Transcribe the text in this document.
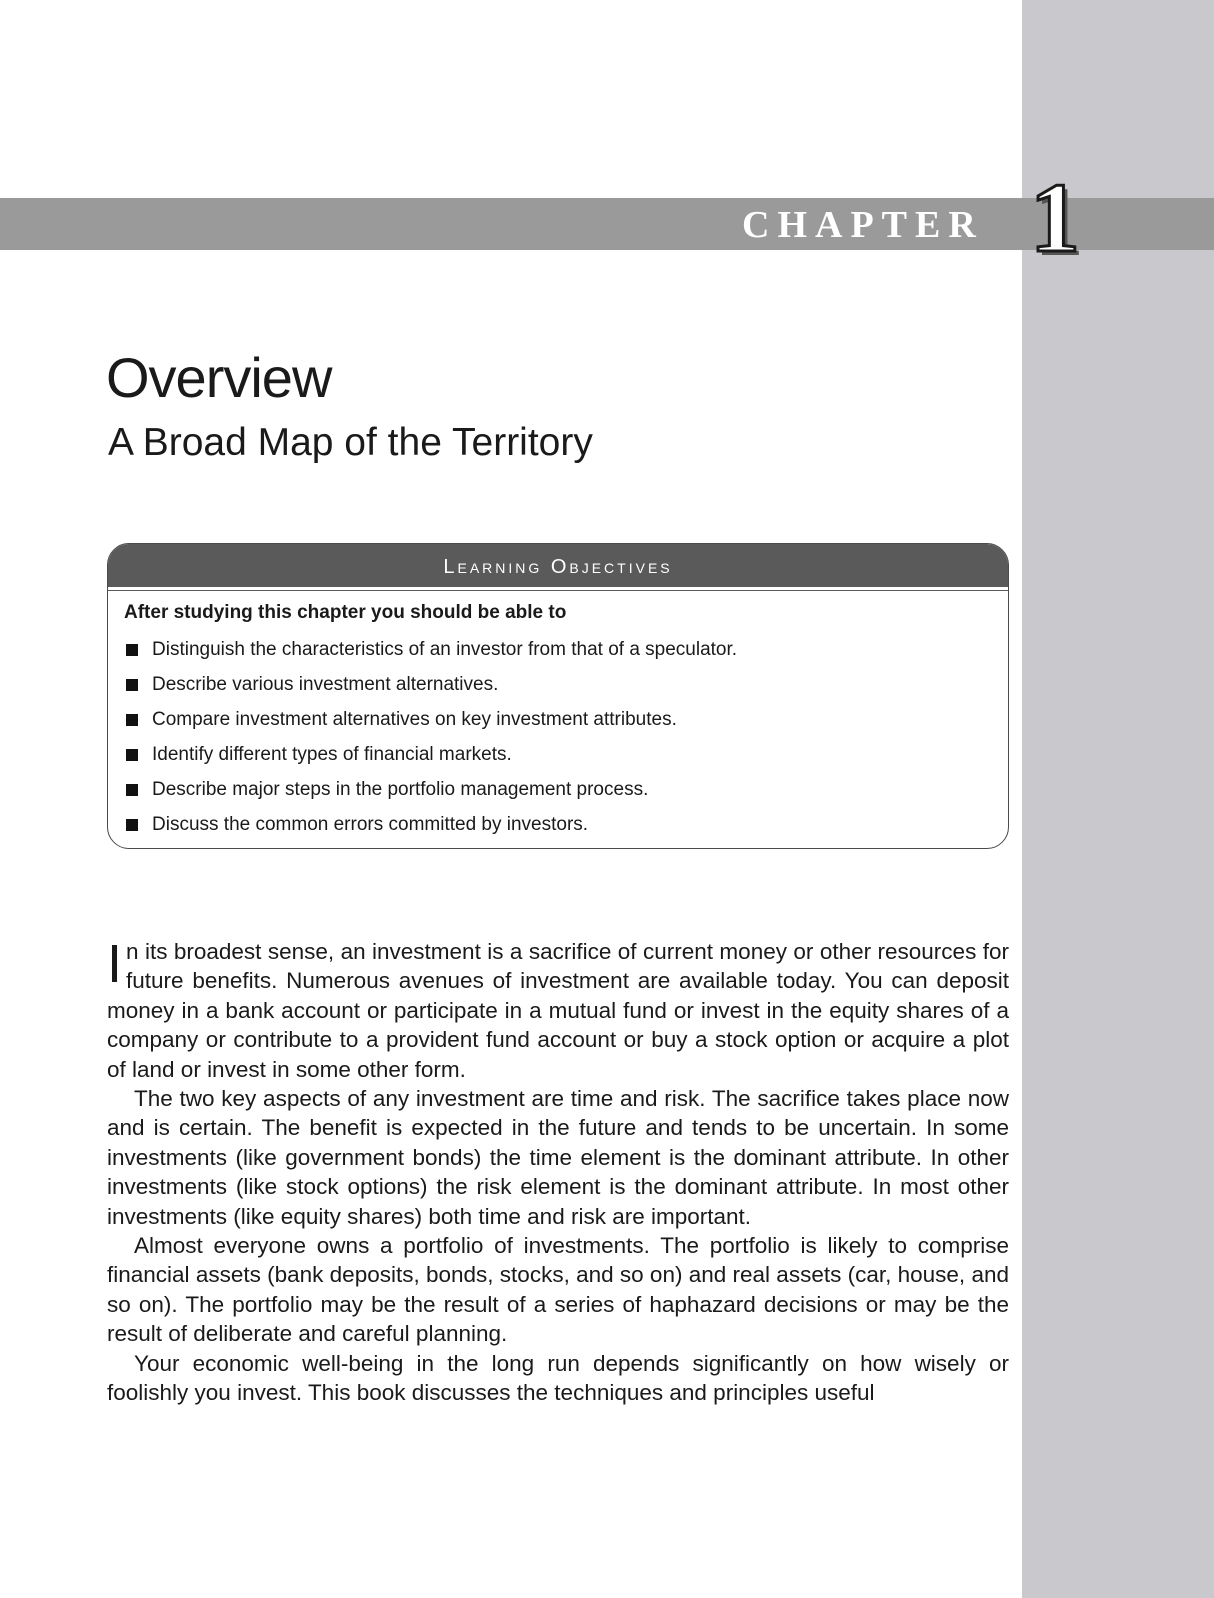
CHAPTER 1
Overview
A Broad Map of the Territory
Learning Objectives
After studying this chapter you should be able to
Distinguish the characteristics of an investor from that of a speculator.
Describe various investment alternatives.
Compare investment alternatives on key investment attributes.
Identify different types of financial markets.
Describe major steps in the portfolio management process.
Discuss the common errors committed by investors.

In its broadest sense, an investment is a sacrifice of current money or other resources for future benefits. Numerous avenues of investment are available today. You can deposit money in a bank account or participate in a mutual fund or invest in the equity shares of a company or contribute to a provident fund account or buy a stock option or acquire a plot of land or invest in some other form.

The two key aspects of any investment are time and risk. The sacrifice takes place now and is certain. The benefit is expected in the future and tends to be uncertain. In some investments (like government bonds) the time element is the dominant attribute. In other investments (like stock options) the risk element is the dominant attribute. In most other investments (like equity shares) both time and risk are important.

Almost everyone owns a portfolio of investments. The portfolio is likely to comprise financial assets (bank deposits, bonds, stocks, and so on) and real assets (car, house, and so on). The portfolio may be the result of a series of haphazard decisions or may be the result of deliberate and careful planning.

Your economic well-being in the long run depends significantly on how wisely or foolishly you invest. This book discusses the techniques and principles useful
